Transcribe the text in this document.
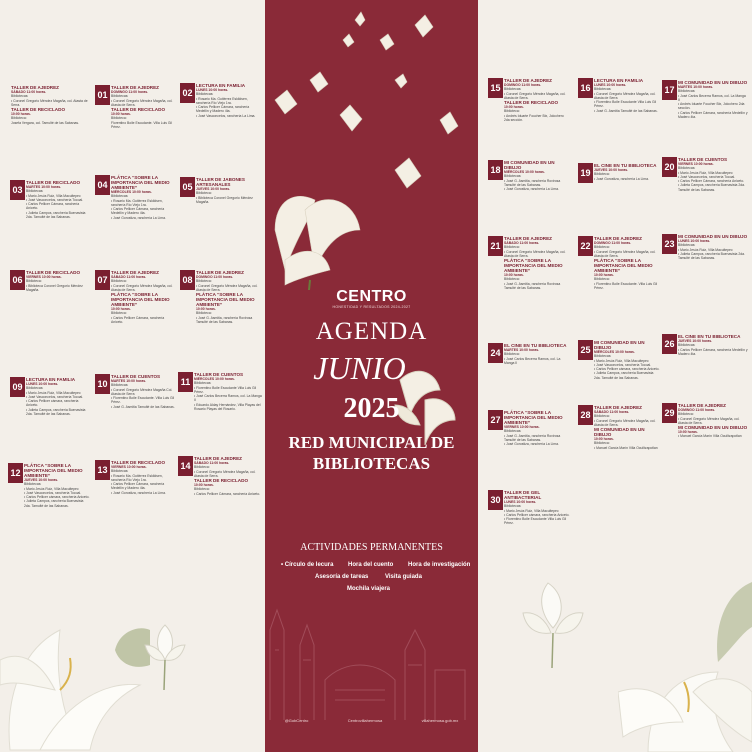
TALLER DE AJEDREZ
SÁBADO 11:00 horas.
Bibliotecas:
• Coronel Gregorio Méndez Magaña, col. Atasta de Serra.
TALLER DE RECICLADO
10:00 horas.
Biblioteca:
Josefa Vergara, col. Tamulté de las Sabanas.
01
TALLER DE AJEDREZ
DOMINGO 11:00 horas.
Bibliotecas:
• Coronel Gregorio Méndez Magaña, col. Atasta de Serra.
TALLER DE RECICLADO
10:00 horas.
Biblioteca:
Florentino Boile Escudante. Villa Luis Gil Pérez.
02
LECTURA EN FAMILIA
LUNES 10:00 horas.
Bibliotecas:
• Rosario Ma. Gutiérrez Eskildsen, ranchería Río Viejo 1ra.
• Carlos Pellicer Cámara, ranchería Medellín y Madero 4ta.
• José Vasconcelos, ranchería La Lima.
03
TALLER DE RECICLADO
MARTES 10:00 horas.
Bibliotecas:
• Mario Jesús Ruiz, Villa Macultepec
• José Vasconcelos, ranchería Tocoal.
• Carlos Pellicer Cámara, ranchería Aniceto.
• Julieta Campos, ranchería Buenavista 2da. Tamulté de las Sabanas.
04
PLÁTICA “SOBRE LA IMPORTANCIA DEL MEDIO AMBIENTE”
MIÉRCOLES 10:00 horas.
Bibliotecas:
• Rosario Ma. Gutiérrez Eskildsen, ranchería Río Viejo 1ra.
• Carlos Pellicer Cámara, ranchería Medellín y Madero 4ta.
• José Gorostiza, ranchería La Lima.
05
TALLER DE JABONES ARTESANALES
JUEVES 10:00 horas.
Biblioteca:
• Biblioteca Coronel Gregorio Méndez Magaña.
06
TALLER DE RECICLADO
VIERNES 10:00 horas.
Biblioteca:
• Biblioteca Coronel Gregorio Méndez Magaña.
07
TALLER DE AJEDREZ
SÁBADO 11:00 horas.
Biblioteca:
• Coronel Gregorio Méndez Magaña, col. Atasta de Serra.
PLÁTICA “SOBRE LA IMPORTANCIA DEL MEDIO AMBIENTE”
10:00 horas.
Biblioteca:
• Carlos Pellicer Cámara, ranchería Aniceto.
08
TALLER DE AJEDREZ
DOMINGO 11:00 horas.
Biblioteca:
• Coronel Gregorio Méndez Magaña, col. Atasta de Serra.
PLÁTICA “SOBRE LA IMPORTANCIA DEL MEDIO AMBIENTE”
10:00 horas.
Biblioteca:
• José G. Asmitia, ranchería Rovirosa Tamulté de las Sabanas.
09
LECTURA EN FAMILIA
LUNES 10:00 horas.
Bibliotecas:
• Mario Jesús Ruiz, Villa Macultepec
• José Vasconcelos, ranchería Tocoal.
• Carlos Pellicer cámara, ranchería Aniceto.
• Julieta Campos, ranchería Buenavista 2da. Tamulté de las Sabanas.
10
TALLER DE CUENTOS
MARTES 10:00 horas.
Bibliotecas:
• Coronel Gregorio Méndez Magaña Col. Atasta de Serra
• Florentino Boile Escudante. Villa Luis Gil Pérez.
• José G. Asmitia Tamulté de las Sabanas.
11
TALLER DE CUENTOS
MIÉRCOLES 10:00 horas.
Bibliotecas:
• Florentino Boile Escudante Villa Luis Gil Pérez.
• José Carlos Becerra Ramos, col. La Manga II
• Eduardo Alday Hernández, Villa Playas del Rosario Playas del Rosario.
12
PLÁTICA “SOBRE LA IMPORTANCIA DEL MEDIO AMBIENTE”
JUEVES 10:00 horas.
Bibliotecas:
• Mario Jesús Ruiz, Villa Macultepec
• José Vasconcelos, ranchería Tocoal.
• Carlos Pellicer cámara, ranchería Aniceto.
• Julieta Campos, ranchería Buenavista 2da. Tamulté de las Sabanas.
13
TALLER DE RECICLADO
VIERNES 10:00 horas.
Bibliotecas:
• Rosario Ma. Gutiérrez Eskildsen, ranchería Río Viejo 1ra.
• Carlos Pellicer Cámara, ranchería Medellín y Madero 4ta.
• José Gorostiza, ranchería La Lima.
14
TALLER DE AJEDREZ
SÁBADO 11:00 horas.
Biblioteca:
• Coronel Gregorio Méndez Magaña, col. Atasta de Serra.
TALLER DE RECICLADO
10:00 horas.
Biblioteca:
• Carlos Pellicer Cámara, ranchería Aniceto.
CENTRO
HONESTIDAD Y RESULTADOS 2024-2027
AGENDA
JUNIO
2025
RED MUNICIPAL DE
BIBLIOTECAS
ACTIVIDADES PERMANENTES
• Círculo de lecura Hora del cuento Hora de investigación
Asesoría de tareas	Visita guiada
Mochila viajera
@GobCentro	Centrovillahermosa	villahermosa.gob.mx
15
TALLER DE AJEDREZ
DOMINGO 11:00 horas.
Bibliotecas:
• Coronel Gregorio Méndez Magaña, col. Atasta de Serra.
TALLER DE RECICLADO
10:00 horas.
Biblioteca:
• Andrés Iduarte Foucher Bix, Jolochero 2da sección.
16
LECTURA EN FAMILIA
LUNES 10:00 horas.
Bibliotecas:
• Coronel Gregorio Méndez Magaña, col. Atasta de Serra
• Florentino Boile Escudante Villa Luis Gil Pérez.
• José G. Asmitia Tamulté de las Sabanas.
17
MI COMUNIDAD EN UN DIBUJO
MARTES 10:00 horas.
Bibliotecas:
• José Carlos Becerra Ramos, col. La Manga II
• Andrés Iduarte Foucher Bix, Jolochero 2da sección.
• Carlos Pellicer Cámara, ranchería Medellín y Madero 4ta.
18
MI COMUNIDAD EN UN DIBUJO
MIÉRCOLES 10:00 horas.
Bibliotecas:
• José G. Asmitia, ranchería Rovirosa Tamulté de las Sabanas.
• José Gorostiza, ranchería La Lima.
19
EL CINE EN TU BIBLIOTECA
JUEVES 10:00 horas.
Biblioteca:
• José Gorostiza, ranchería La Lima.
20
TALLER DE CUENTOS
VIERNES 10:00 horas.
Bibliotecas:
• Mario Jesús Ruiz, Villa Macultepec
• José Vasconcelos, ranchería Tocoal.
• Carlos Pellicer Cámara, ranchería Aniceto.
• Julieta Campos, ranchería Buenavista 2da. Tamulté de las Sabanas.
21
TALLER DE AJEDREZ
SÁBADO 11:00 horas.
Biblioteca:
• Coronel Gregorio Méndez Magaña, col. Atasta de Serra.
PLÁTICA “SOBRE LA IMPORTANCIA DEL MEDIO AMBIENTE”
10:00 horas.
Biblioteca:
• José G. Asmitia, ranchería Rovirosa Tamulté de las Sabanas.
22
TALLER DE AJEDREZ
DOMINGO 11:00 horas.
Biblioteca:
• Coronel Gregorio Méndez Magaña, col. Atasta de Serra.
PLÁTICA “SOBRE LA IMPORTANCIA DEL MEDIO AMBIENTE”
10:00 horas.
Biblioteca:
• Florentino Boile Escudante. Villa Luis Gil Pérez.
23
MI COMUNIDAD EN UN DIBUJO
LUNES 10:00 horas.
Bibliotecas:
• Mario Jesús Ruiz, Villa Macultepec
• Julieta Campos, ranchería Buenavista 2da. Tamulté de las Sabanas.
24
EL CINE EN TU BIBLIOTECA
MARTES 10:00 horas.
Biblioteca:
• José Carlos Becerra Ramos, col. La Manga II
25
MI COMUNIDAD EN UN DIBUJO
MIÉRCOLES 10:00 horas.
Bibliotecas:
• Mario Jesús Ruiz, Villa Macultepec
• José Vasconcelos, ranchería Tocoal.
• Carlos Pellicer cámara, ranchería Aniceto.
• Julieta Campos, ranchería Buenavista 2da. Tamulté de las Sabanas.
26
EL CINE EN TU BIBLIOTECA
JUEVES 10:00 horas.
Bibliotecas:
• Carlos Pellicer Cámara, ranchería Medellín y Madero 4ta.
27
PLÁTICA “SOBRE LA IMPORTANCIA DEL MEDIO AMBIENTE”
VIERNES 10:00 horas.
Bibliotecas:
• José G. Asmitia, ranchería Rovirosa Tamulté de las Sabanas.
• José Gorostiza, ranchería La Lima.
28
TALLER DE AJEDREZ
SÁBADO 11:00 horas.
Biblioteca:
• Coronel Gregorio Méndez Magaña, col. Atasta de Serra.
MI COMUNIDAD EN UN DIBUJO
10:00 horas.
Biblioteca:
• Manuel García Marín Villa Ocuiltzapotlan
29
TALLER DE AJEDREZ
DOMINGO 11:00 horas.
Biblioteca:
• Coronel Gregorio Méndez Magaña, col. Atasta de Serra.
MI COMUNIDAD EN UN DIBUJO
10:00 horas.
• Manuel García Marín Villa Ocuiltzapotlan
30
TALLER DE GEL ANTIBACTERIAL
LUNES 10:00 horas.
Bibliotecas:
• Mario Jesús Ruiz, Villa Macultepec
• Carlos Pellicer cámara, ranchería Aniceto.
• Florentino Boile Escudante Villa Luis Gil Pérez.
